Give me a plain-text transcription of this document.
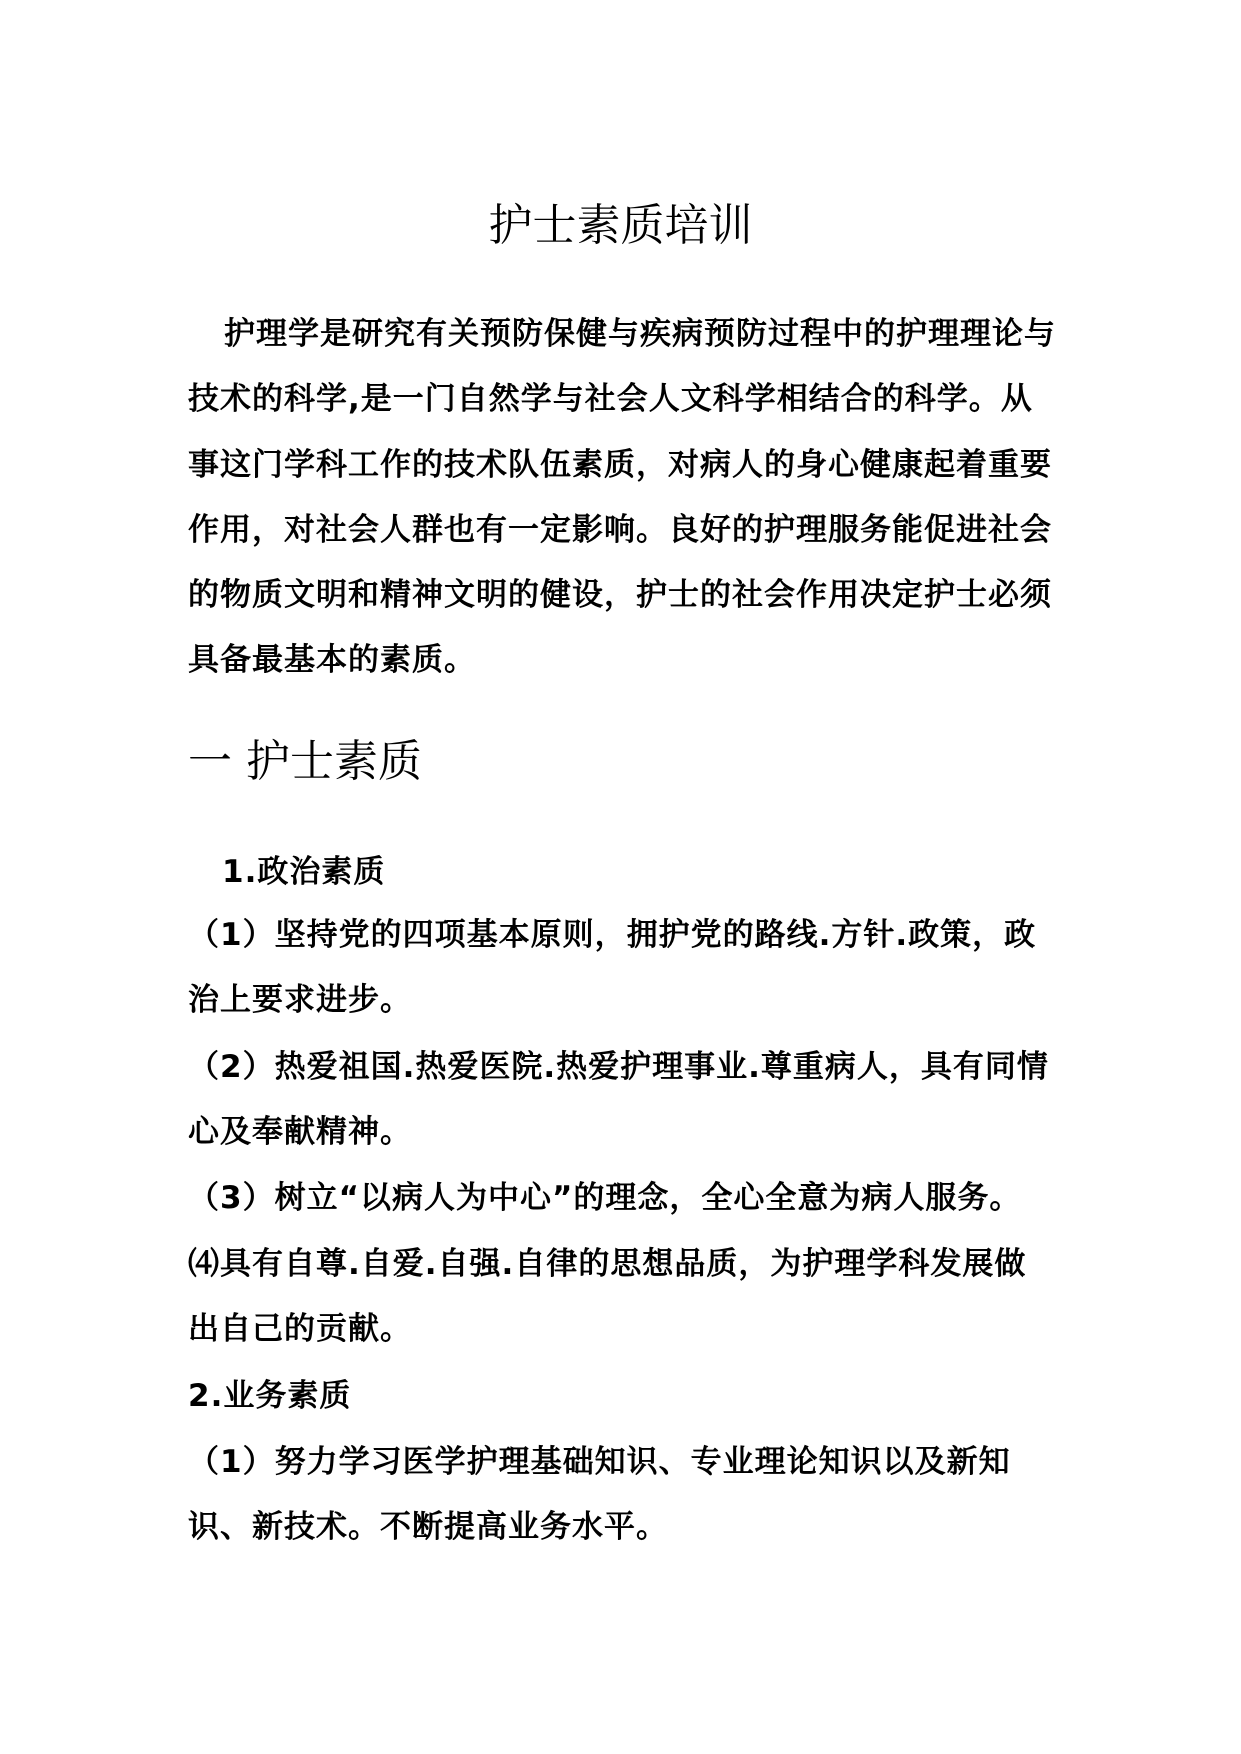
护士素质培训

护理学是研究有关预防保健与疾病预防过程中的护理理论与技术的科学,是一门自然学与社会人文科学相结合的科学。从事这门学科工作的技术队伍素质，对病人的身心健康起着重要作用，对社会人群也有一定影响。良好的护理服务能促进社会的物质文明和精神文明的健设，护士的社会作用决定护士必须具备最基本的素质。

一 护士素质

1.政治素质

（1）坚持党的四项基本原则，拥护党的路线.方针.政策，政治上要求进步。

（2）热爱祖国.热爱医院.热爱护理事业.尊重病人，具有同情心及奉献精神。

（3）树立“以病人为中心”的理念，全心全意为病人服务。

⑷具有自尊.自爱.自强.自律的思想品质，为护理学科发展做出自己的贡献。

2.业务素质

（1）努力学习医学护理基础知识、专业理论知识以及新知识、新技术。不断提高业务水平。
